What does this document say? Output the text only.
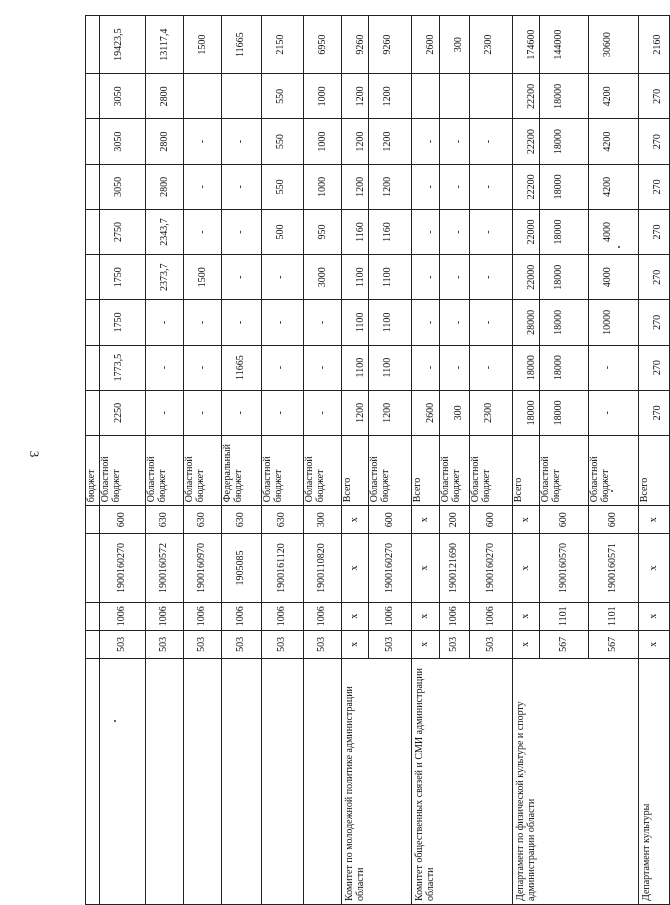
3
					бюджет									
	503	1006	1900160270	600	Областной бюджет	2250	1773,5	1750	1750	2750	3050	3050	3050	19423,5
	503	1006	1900160572	630	Областной бюджет	-	-	-	2373,7	2343,7	2800	2800	2800	13117,4
	503	1006	1900160970	630	Областной бюджет	-	-	-	1500	-	-	-		1500
	503	1006	1905085	630	Федеральный бюджет	-	11665	-	-	-	-	-		11665
	503	1006	1900161120	630	Областной бюджет	-	-	-	-	500	550	550	550	2150
	503	1006	1900110820	300	Областной бюджет	-	-	-	3000	950	1000	1000	1000	6950
Комитет по молодежной политике администрации области	x	x	x	x	Всего	1200	1100	1100	1100	1160	1200	1200	1200	9260
	503	1006	1900160270	600	Областной бюджет	1200	1100	1100	1100	1160	1200	1200	1200	9260
Комитет общественных связей и СМИ администрации области	x	x	x	x	Всего	2600	-	-	-	-	-	-		2600
	503	1006	1900121690	200	Областной бюджет	300	-	-	-	-	-	-		300
	503	1006	1900160270	600	Областной бюджет	2300	-	-	-	-	-	-		2300
Департамент по физической культуре и спорту администрации области	x	x	x	x	Всего	18000	18000	28000	22000	22000	22200	22200	22200	174600
	567	1101	1900160570	600	Областной бюджет	18000	18000	18000	18000	18000	18000	18000	18000	144000
	567	1101	1900160571	600	Областной бюджет	-	-	10000	4000	4000	4200	4200	4200	30600
Департамент культуры	x	x	x	x	Всего	270	270	270	270	270	270	270	270	2160
